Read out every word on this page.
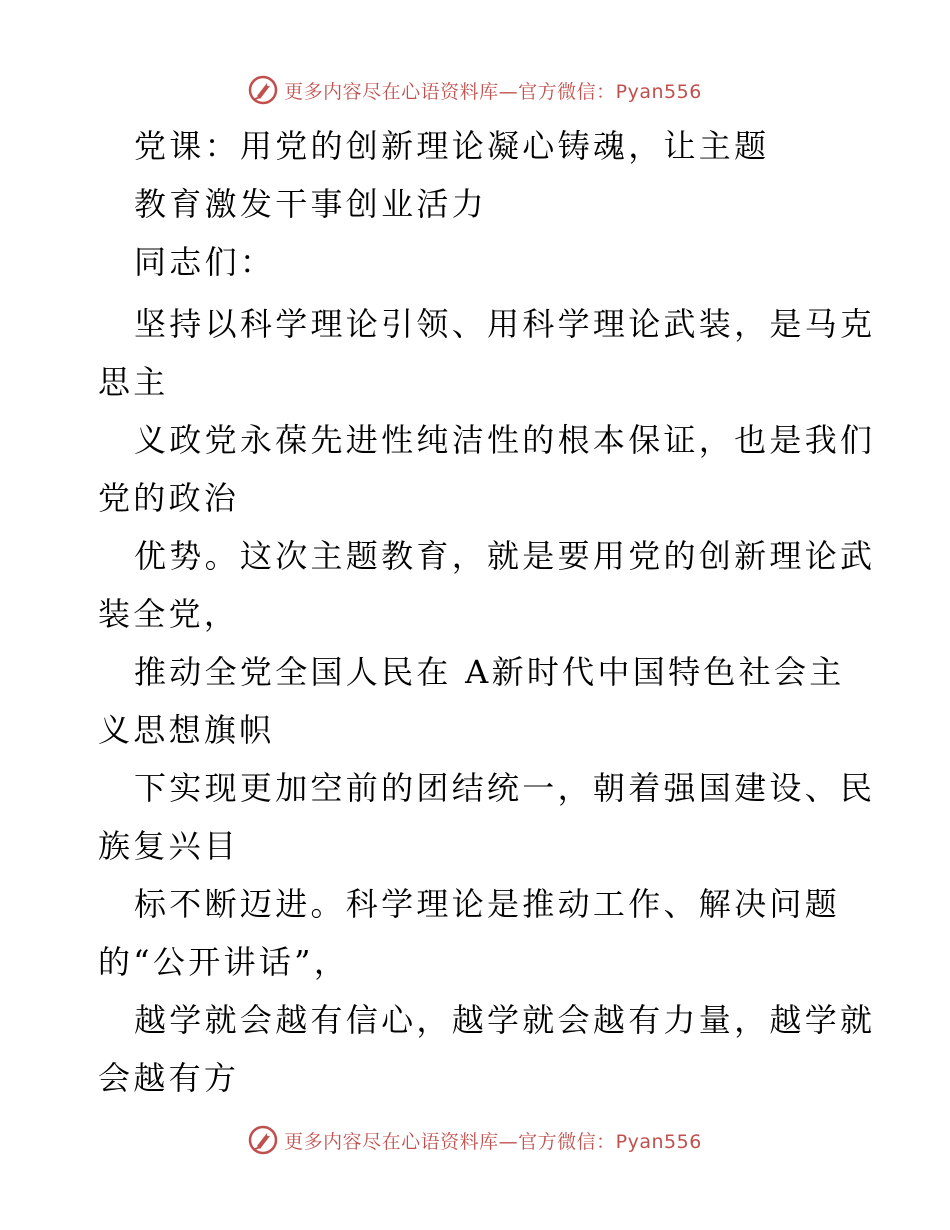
更多内容尽在心语资料库—官方微信：Pyan556
党课：用党的创新理论凝心铸魂，让主题
教育激发干事创业活力
同志们：
坚持以科学理论引领、用科学理论武装，是马克
思主
义政党永葆先进性纯洁性的根本保证，也是我们
党的政治
优势。这次主题教育，就是要用党的创新理论武
装全党，
推动全党全国人民在 A新时代中国特色社会主
义思想旗帜
下实现更加空前的团结统一，朝着强国建设、民
族复兴目
标不断迈进。科学理论是推动工作、解决问题
的“公开讲话”，
越学就会越有信心，越学就会越有力量，越学就
会越有方
更多内容尽在心语资料库—官方微信：Pyan556
